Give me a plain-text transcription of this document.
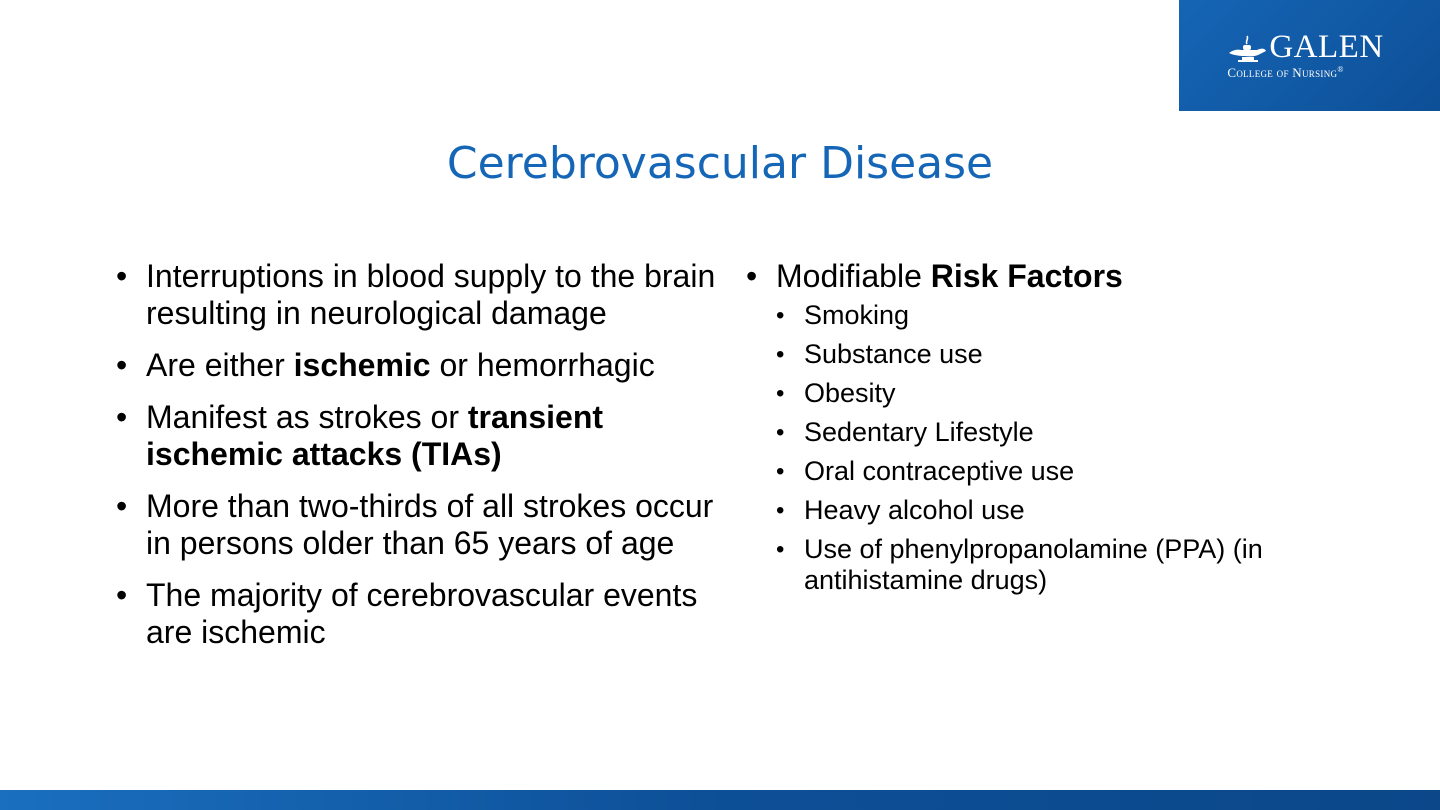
GALEN
College of Nursing®
Cerebrovascular Disease
• Interruptions in blood supply to the brain resulting in neurological damage
• Are either ischemic or hemorrhagic
• Manifest as strokes or transient ischemic attacks (TIAs)
• More than two-thirds of all strokes occur in persons older than 65 years of age
• The majority of cerebrovascular events are ischemic
• Modifiable Risk Factors
• Smoking
• Substance use
• Obesity
• Sedentary Lifestyle
• Oral contraceptive use
• Heavy alcohol use
• Use of phenylpropanolamine (PPA) (in antihistamine drugs)
